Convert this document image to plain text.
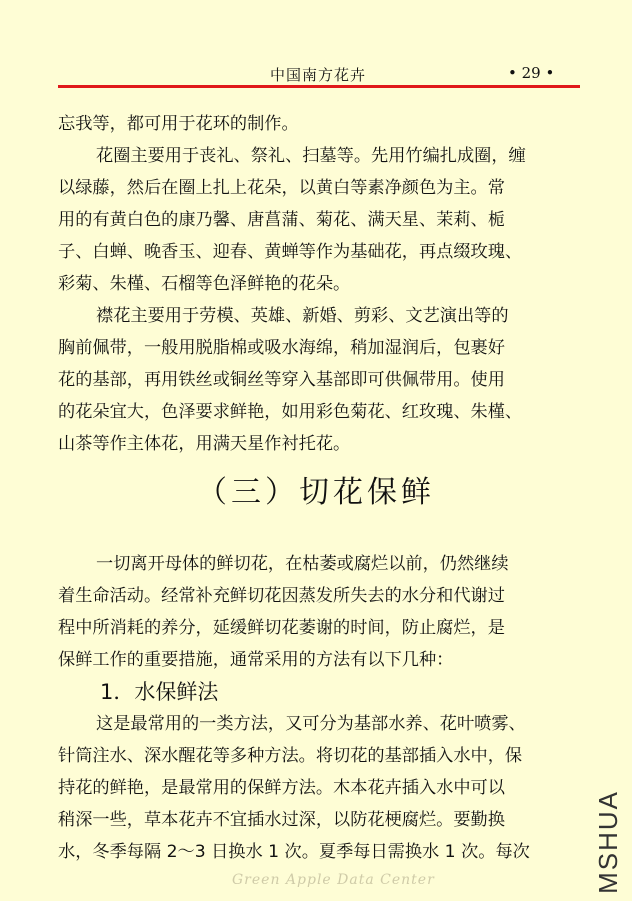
中国南方花卉	• 29 •
忘我等，都可用于花环的制作。
花圈主要用于丧礼、祭礼、扫墓等。先用竹编扎成圈，缠
以绿藤，然后在圈上扎上花朵，以黄白等素净颜色为主。常
用的有黄白色的康乃馨、唐菖蒲、菊花、满天星、茉莉、栀
子、白蝉、晚香玉、迎春、黄蝉等作为基础花，再点缀玫瑰、
彩菊、朱槿、石榴等色泽鲜艳的花朵。
襟花主要用于劳模、英雄、新婚、剪彩、文艺演出等的
胸前佩带，一般用脱脂棉或吸水海绵，稍加湿润后，包裹好
花的基部，再用铁丝或铜丝等穿入基部即可供佩带用。使用
的花朵宜大，色泽要求鲜艳，如用彩色菊花、红玫瑰、朱槿、
山茶等作主体花，用满天星作衬托花。
（三）切花保鲜
一切离开母体的鲜切花，在枯萎或腐烂以前，仍然继续
着生命活动。经常补充鲜切花因蒸发所失去的水分和代谢过
程中所消耗的养分，延缓鲜切花萎谢的时间，防止腐烂，是
保鲜工作的重要措施，通常采用的方法有以下几种：
1．水保鲜法
这是最常用的一类方法，又可分为基部水养、花叶喷雾、
针筒注水、深水醒花等多种方法。将切花的基部插入水中，保
持花的鲜艳，是最常用的保鲜方法。木本花卉插入水中可以
稍深一些，草本花卉不宜插水过深，以防花梗腐烂。要勤换
水，冬季每隔 2～3 日换水 1 次。夏季每日需换水 1 次。每次
Green Apple Data Center	MSHUA
